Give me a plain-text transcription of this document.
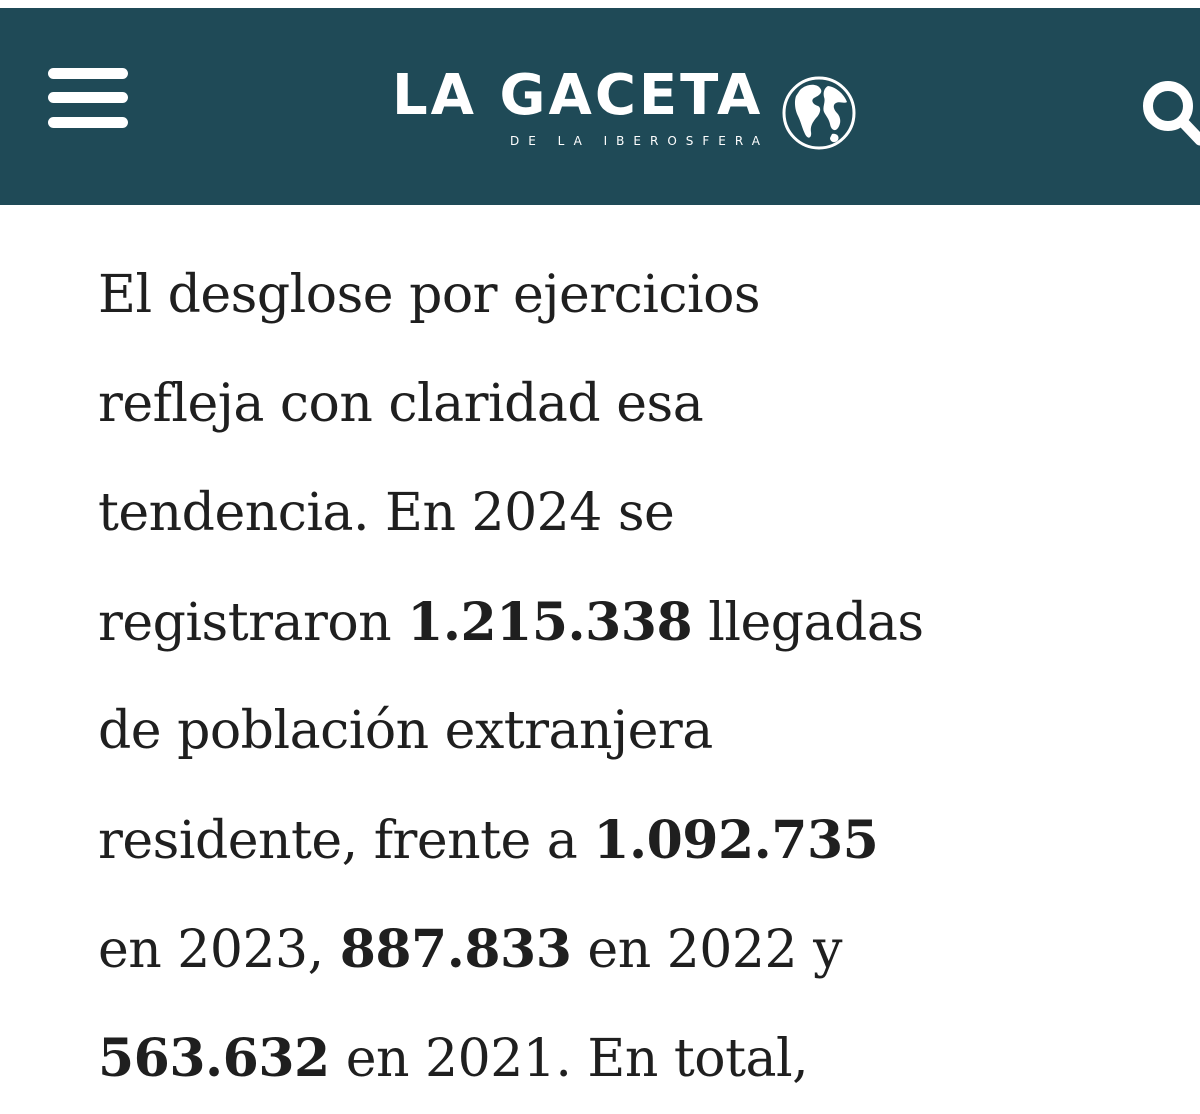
LA GACETA
DE LA IBEROSFERA
El desglose por ejercicios
refleja con claridad esa
tendencia. En 2024 se
registraron 1.215.338 llegadas
de población extranjera
residente, frente a 1.092.735
en 2023, 887.833 en 2022 y
563.632 en 2021. En total,
